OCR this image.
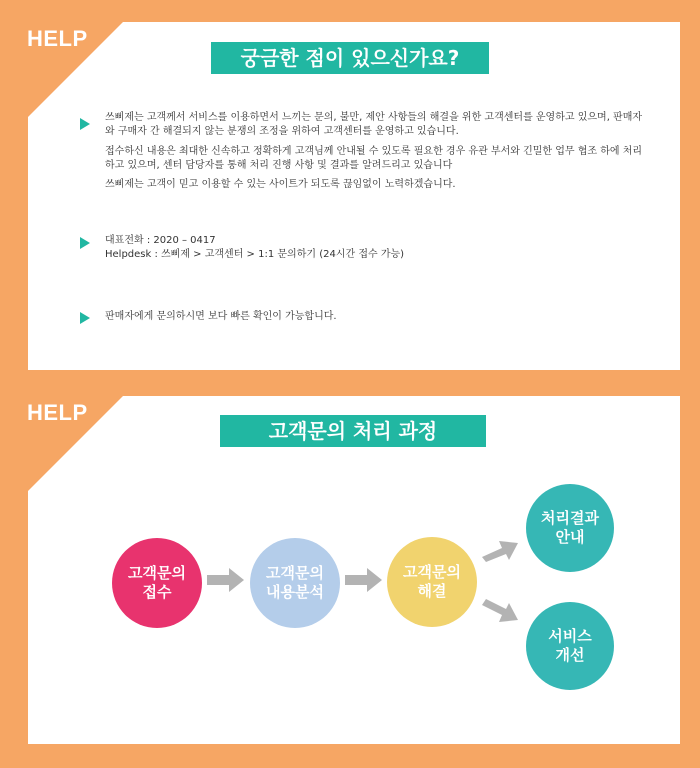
HELP
궁금한 점이 있으신가요?
쓰삐제는 고객께서 서비스를 이용하면서 느끼는 문의, 불만, 제안 사항들의 해결을 위한 고객센터를 운영하고 있으며, 판매자와 구매자 간 해결되지 않는 분쟁의 조정을 위하여 고객센터를 운영하고 있습니다.
접수하신 내용은 최대한 신속하고 정확하게 고객님께 안내될 수 있도록 필요한 경우 유관 부서와 긴밀한 업무 협조 하에 처리하고 있으며, 센터 담당자를 통해 처리 진행 사항 및 결과를 알려드리고 있습니다
쓰삐제는 고객이 믿고 이용할 수 있는 사이트가 되도록 끊임없이 노력하겠습니다.
대표전화 : 2020 – 0417
Helpdesk : 쓰삐제 > 고객센터 > 1:1 문의하기 (24시간 접수 가능)
판매자에게 문의하시면 보다 빠른 확인이 가능합니다.
HELP
고객문의 처리 과정
고객문의
접수
고객문의
내용분석
고객문의
해결
처리결과
안내
서비스
개선
